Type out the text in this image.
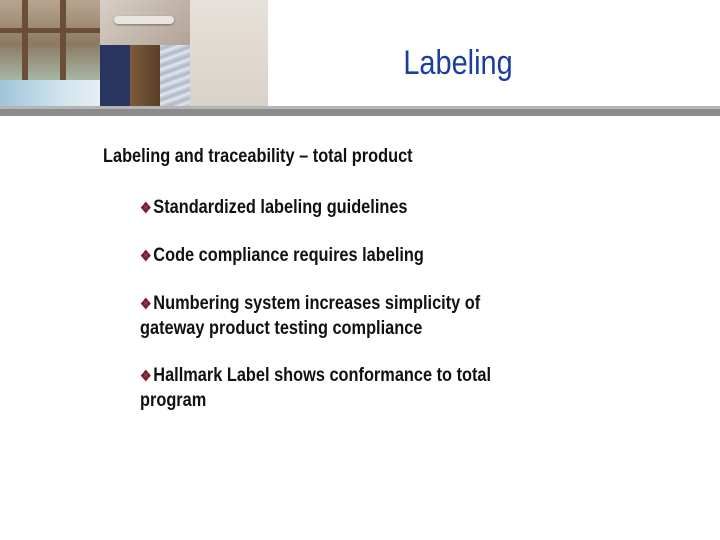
Labeling
Labeling and traceability – total product
❖Standardized labeling guidelines
❖Code compliance requires labeling
❖Numbering system increases simplicity of gateway product testing compliance
❖Hallmark Label shows conformance to total program
